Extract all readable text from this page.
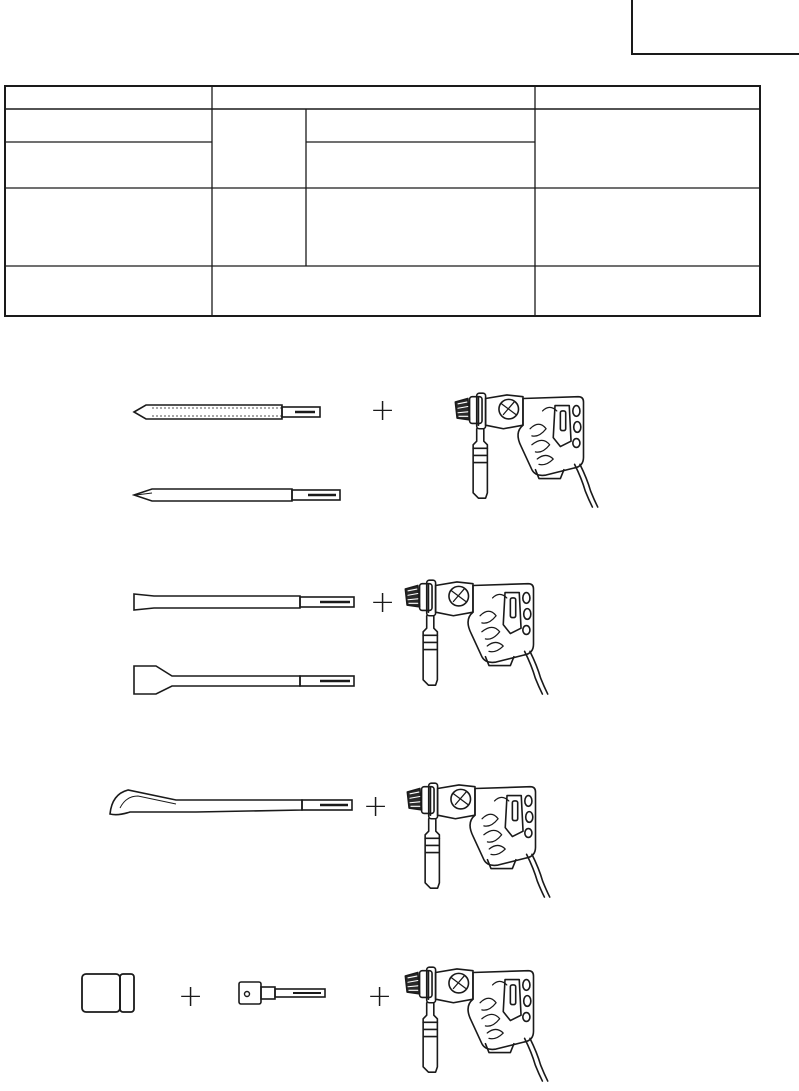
+
+
+
+	+
